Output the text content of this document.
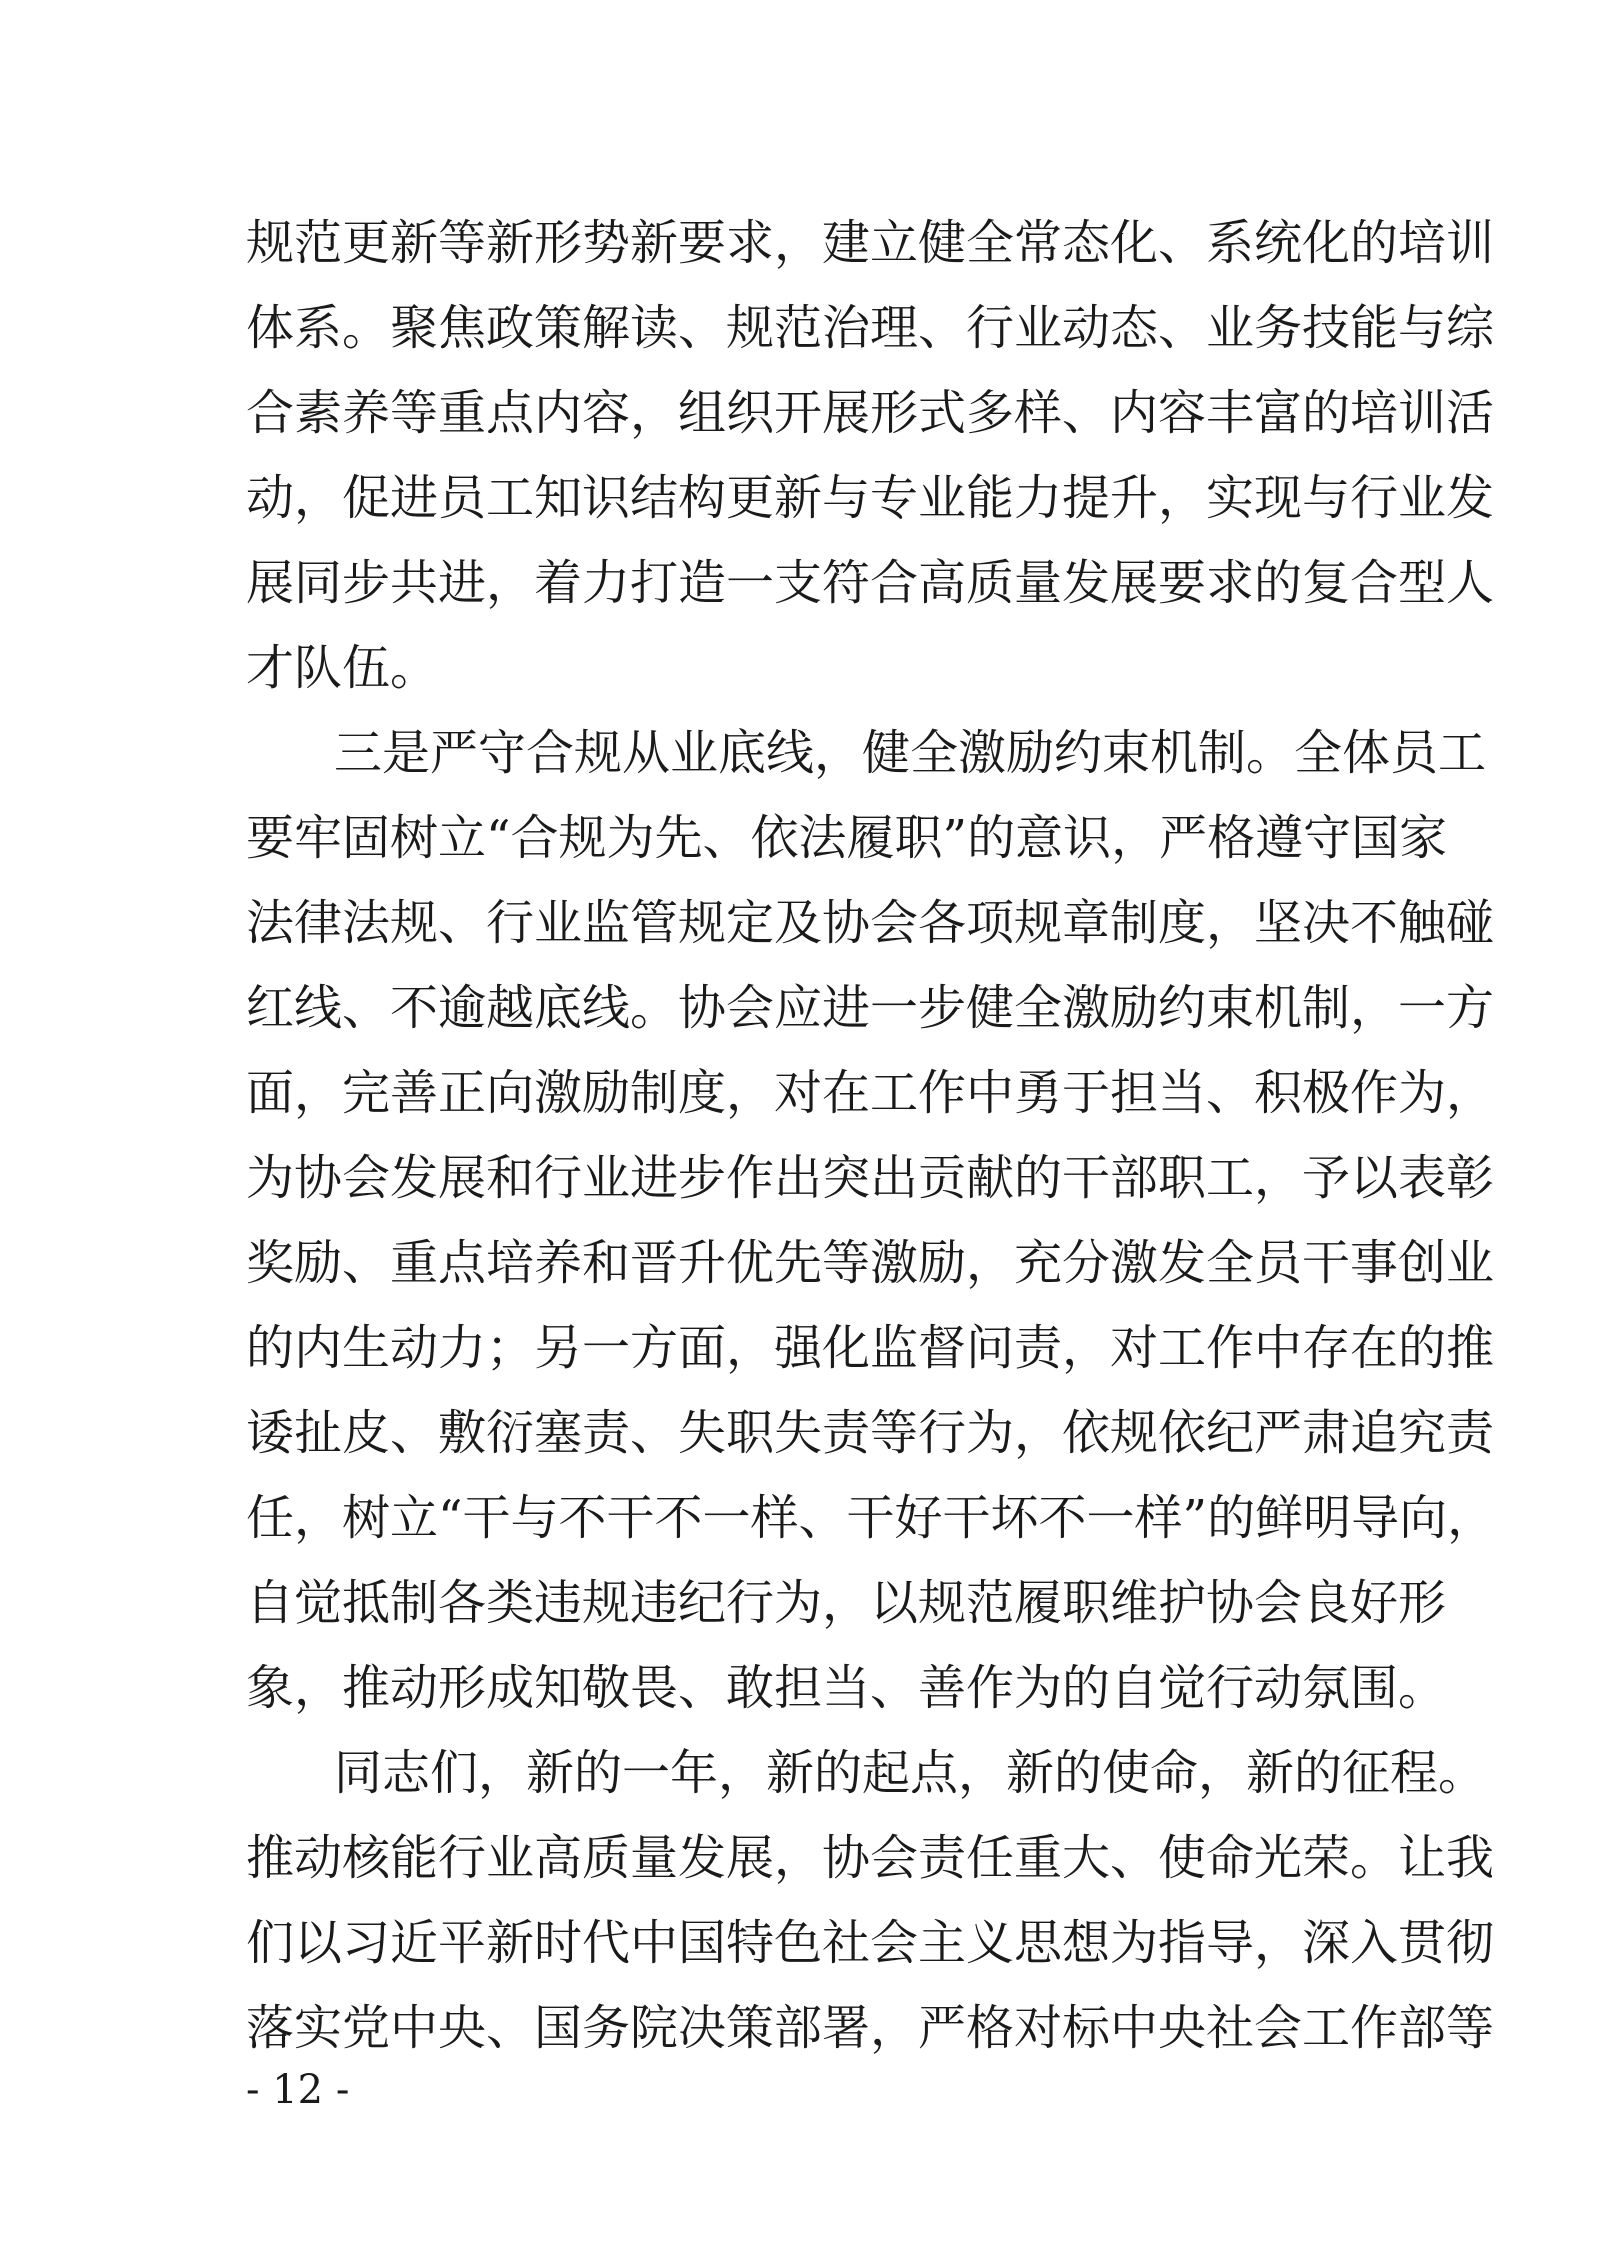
规范更新等新形势新要求，建立健全常态化、系统化的培训
体系。聚焦政策解读、规范治理、行业动态、业务技能与综
合素养等重点内容，组织开展形式多样、内容丰富的培训活
动，促进员工知识结构更新与专业能力提升，实现与行业发
展同步共进，着力打造一支符合高质量发展要求的复合型人
才队伍。
三是严守合规从业底线，健全激励约束机制。全体员工
要牢固树立“合规为先、依法履职”的意识，严格遵守国家
法律法规、行业监管规定及协会各项规章制度，坚决不触碰
红线、不逾越底线。协会应进一步健全激励约束机制，一方
面，完善正向激励制度，对在工作中勇于担当、积极作为，
为协会发展和行业进步作出突出贡献的干部职工，予以表彰
奖励、重点培养和晋升优先等激励，充分激发全员干事创业
的内生动力；另一方面，强化监督问责，对工作中存在的推
诿扯皮、敷衍塞责、失职失责等行为，依规依纪严肃追究责
任，树立“干与不干不一样、干好干坏不一样”的鲜明导向，
自觉抵制各类违规违纪行为，以规范履职维护协会良好形
象，推动形成知敬畏、敢担当、善作为的自觉行动氛围。
同志们，新的一年，新的起点，新的使命，新的征程。
推动核能行业高质量发展，协会责任重大、使命光荣。让我
们以习近平新时代中国特色社会主义思想为指导，深入贯彻
落实党中央、国务院决策部署，严格对标中央社会工作部等
- 12 -
